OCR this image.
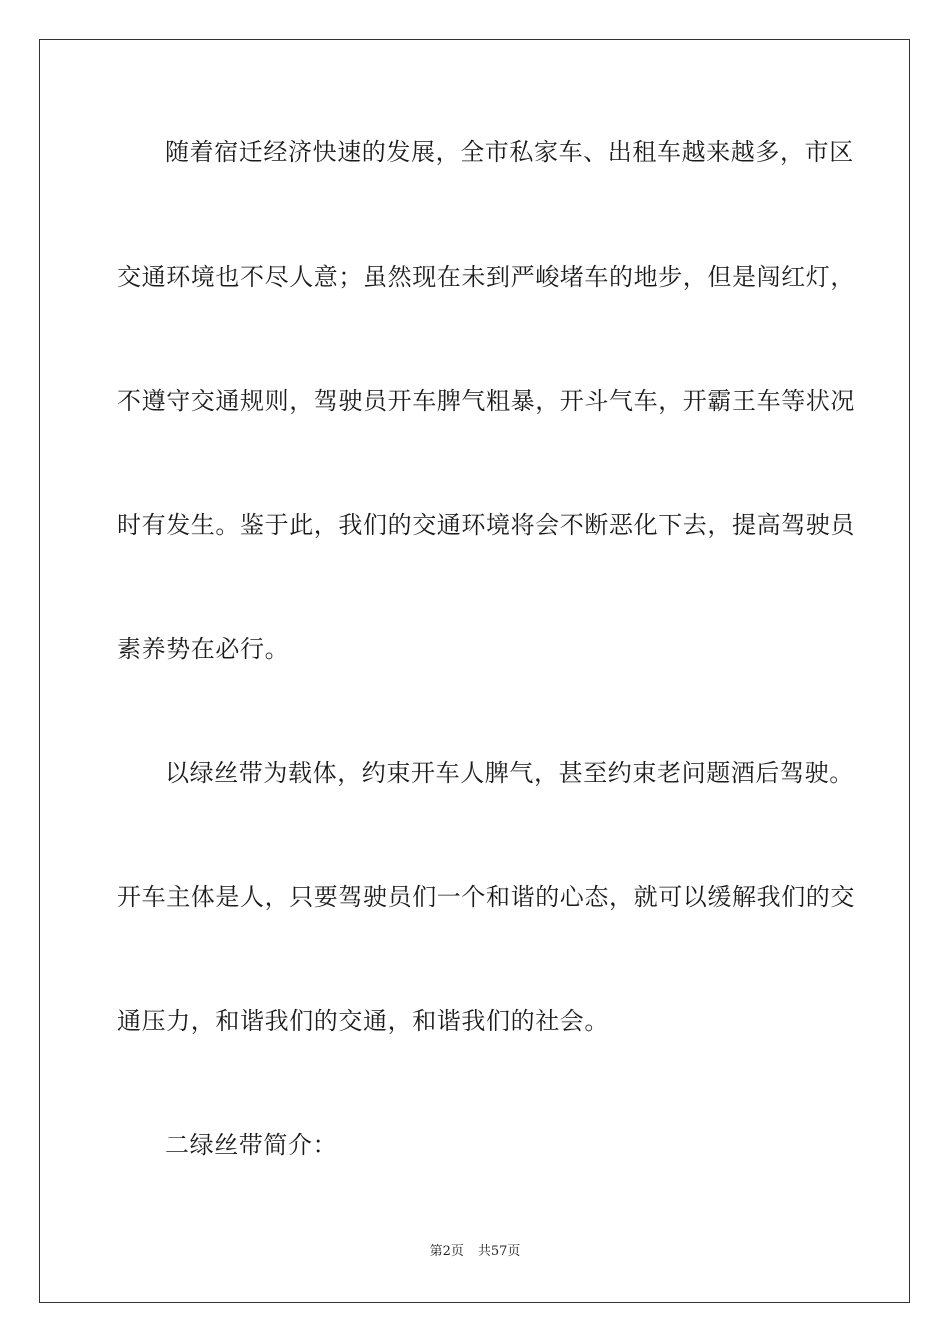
随着宿迁经济快速的发展，全市私家车、出租车越来越多，市区
交通环境也不尽人意；虽然现在未到严峻堵车的地步，但是闯红灯，
不遵守交通规则，驾驶员开车脾气粗暴，开斗气车，开霸王车等状况
时有发生。鉴于此，我们的交通环境将会不断恶化下去，提高驾驶员
素养势在必行。
以绿丝带为载体，约束开车人脾气，甚至约束老问题酒后驾驶。
开车主体是人，只要驾驶员们一个和谐的心态，就可以缓解我们的交
通压力，和谐我们的交通，和谐我们的社会。
二绿丝带简介：
第2页 共57页
